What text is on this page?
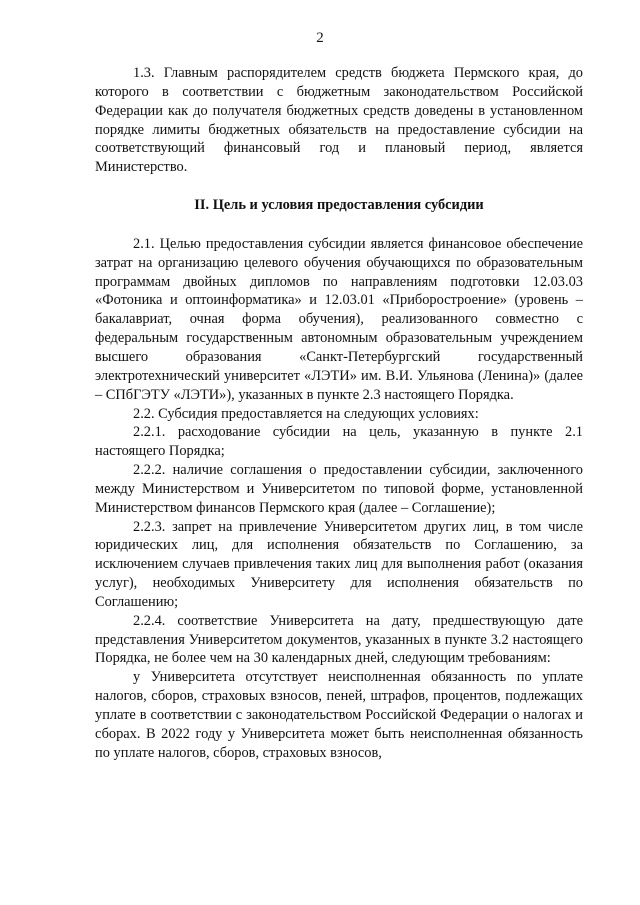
2

1.3. Главным распорядителем средств бюджета Пермского края, до которого в соответствии с бюджетным законодательством Российской Федерации как до получателя бюджетных средств доведены в установленном порядке лимиты бюджетных обязательств на предоставление субсидии на соответствующий финансовый год и плановый период, является Министерство.

II. Цель и условия предоставления субсидии

2.1. Целью предоставления субсидии является финансовое обеспечение затрат на организацию целевого обучения обучающихся по образовательным программам двойных дипломов по направлениям подготовки 12.03.03 «Фотоника и оптоинформатика» и 12.03.01 «Приборостроение» (уровень – бакалавриат, очная форма обучения), реализованного совместно с федеральным государственным автономным образовательным учреждением высшего образования «Санкт-Петербургский государственный электротехнический университет «ЛЭТИ» им. В.И. Ульянова (Ленина)» (далее – СПбГЭТУ «ЛЭТИ»), указанных в пункте 2.3 настоящего Порядка.

2.2. Субсидия предоставляется на следующих условиях:

2.2.1. расходование субсидии на цель, указанную в пункте 2.1 настоящего Порядка;

2.2.2. наличие соглашения о предоставлении субсидии, заключенного между Министерством и Университетом по типовой форме, установленной Министерством финансов Пермского края (далее – Соглашение);

2.2.3. запрет на привлечение Университетом других лиц, в том числе юридических лиц, для исполнения обязательств по Соглашению, за исключением случаев привлечения таких лиц для выполнения работ (оказания услуг), необходимых Университету для исполнения обязательств по Соглашению;

2.2.4. соответствие Университета на дату, предшествующую дате представления Университетом документов, указанных в пункте 3.2 настоящего Порядка, не более чем на 30 календарных дней, следующим требованиям:

у Университета отсутствует неисполненная обязанность по уплате налогов, сборов, страховых взносов, пеней, штрафов, процентов, подлежащих уплате в соответствии с законодательством Российской Федерации о налогах и сборах. В 2022 году у Университета может быть неисполненная обязанность по уплате налогов, сборов, страховых взносов,
